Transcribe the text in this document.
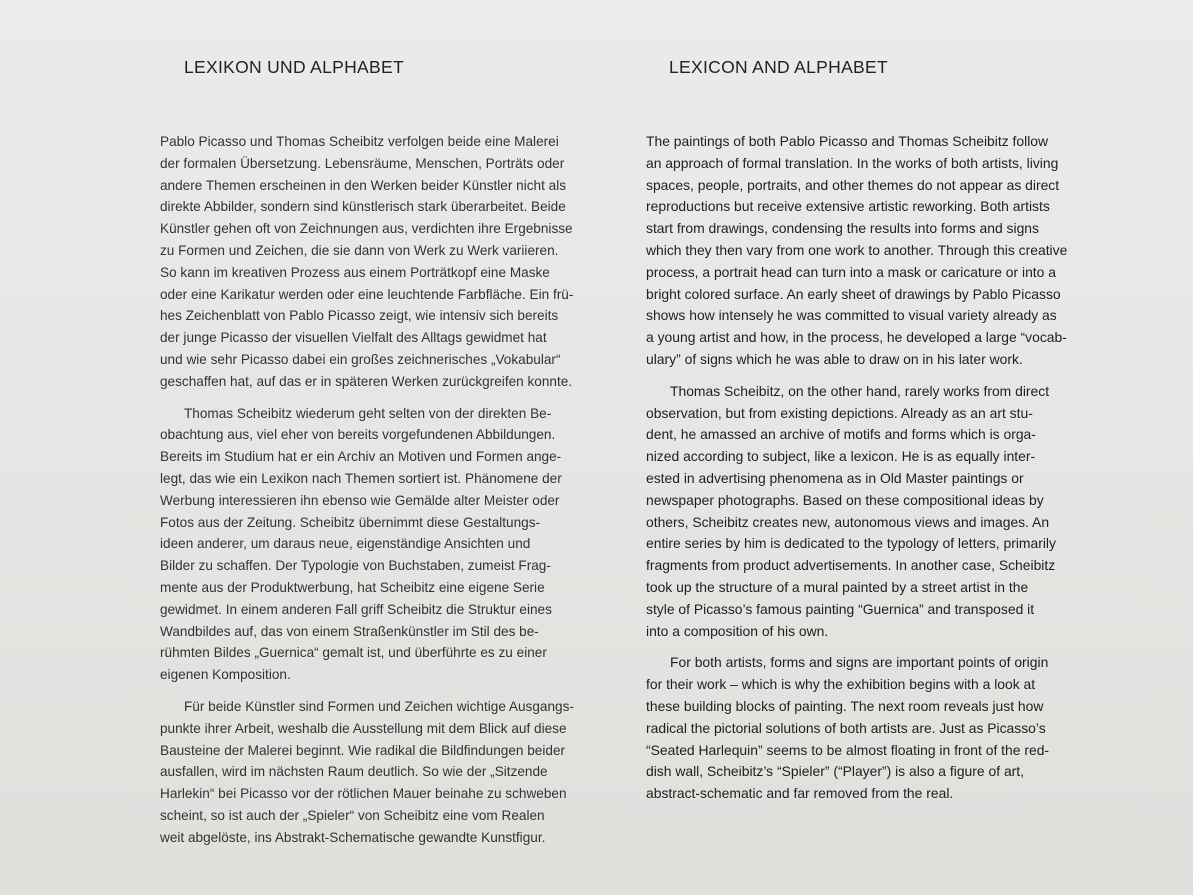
LEXIKON UND ALPHABET

Pablo Picasso und Thomas Scheibitz verfolgen beide eine Malerei
der formalen Übersetzung. Lebensräume, Menschen, Porträts oder
andere Themen erscheinen in den Werken beider Künstler nicht als
direkte Abbilder, sondern sind künstlerisch stark überarbeitet. Beide
Künstler gehen oft von Zeichnungen aus, verdichten ihre Ergebnisse
zu Formen und Zeichen, die sie dann von Werk zu Werk variieren.
So kann im kreativen Prozess aus einem Porträtkopf eine Maske
oder eine Karikatur werden oder eine leuchtende Farbfläche. Ein frü-
hes Zeichenblatt von Pablo Picasso zeigt, wie intensiv sich bereits
der junge Picasso der visuellen Vielfalt des Alltags gewidmet hat
und wie sehr Picasso dabei ein großes zeichnerisches „Vokabular“
geschaffen hat, auf das er in späteren Werken zurückgreifen konnte.

Thomas Scheibitz wiederum geht selten von der direkten Be-
obachtung aus, viel eher von bereits vorgefundenen Abbildungen.
Bereits im Studium hat er ein Archiv an Motiven und Formen ange-
legt, das wie ein Lexikon nach Themen sortiert ist. Phänomene der
Werbung interessieren ihn ebenso wie Gemälde alter Meister oder
Fotos aus der Zeitung. Scheibitz übernimmt diese Gestaltungs-
ideen anderer, um daraus neue, eigenständige Ansichten und
Bilder zu schaffen. Der Typologie von Buchstaben, zumeist Frag-
mente aus der Produktwerbung, hat Scheibitz eine eigene Serie
gewidmet. In einem anderen Fall griff Scheibitz die Struktur eines
Wandbildes auf, das von einem Straßenkünstler im Stil des be-
rühmten Bildes „Guernica“ gemalt ist, und überführte es zu einer
eigenen Komposition.

Für beide Künstler sind Formen und Zeichen wichtige Ausgangs-
punkte ihrer Arbeit, weshalb die Ausstellung mit dem Blick auf diese
Bausteine der Malerei beginnt. Wie radikal die Bildfindungen beider
ausfallen, wird im nächsten Raum deutlich. So wie der „Sitzende
Harlekin“ bei Picasso vor der rötlichen Mauer beinahe zu schweben
scheint, so ist auch der „Spieler“ von Scheibitz eine vom Realen
weit abgelöste, ins Abstrakt-Schematische gewandte Kunstfigur.

LEXICON AND ALPHABET

The paintings of both Pablo Picasso and Thomas Scheibitz follow
an approach of formal translation. In the works of both artists, living
spaces, people, portraits, and other themes do not appear as direct
reproductions but receive extensive artistic reworking. Both artists
start from drawings, condensing the results into forms and signs
which they then vary from one work to another. Through this creative
process, a portrait head can turn into a mask or caricature or into a
bright colored surface. An early sheet of drawings by Pablo Picasso
shows how intensely he was committed to visual variety already as
a young artist and how, in the process, he developed a large “vocab-
ulary” of signs which he was able to draw on in his later work.

Thomas Scheibitz, on the other hand, rarely works from direct
observation, but from existing depictions. Already as an art stu-
dent, he amassed an archive of motifs and forms which is orga-
nized according to subject, like a lexicon. He is as equally inter-
ested in advertising phenomena as in Old Master paintings or
newspaper photographs. Based on these compositional ideas by
others, Scheibitz creates new, autonomous views and images. An
entire series by him is dedicated to the typology of letters, primarily
fragments from product advertisements. In another case, Scheibitz
took up the structure of a mural painted by a street artist in the
style of Picasso’s famous painting “Guernica” and transposed it
into a composition of his own.

For both artists, forms and signs are important points of origin
for their work – which is why the exhibition begins with a look at
these building blocks of painting. The next room reveals just how
radical the pictorial solutions of both artists are. Just as Picasso’s
“Seated Harlequin” seems to be almost floating in front of the red-
dish wall, Scheibitz’s “Spieler” (“Player”) is also a figure of art,
abstract-schematic and far removed from the real.
